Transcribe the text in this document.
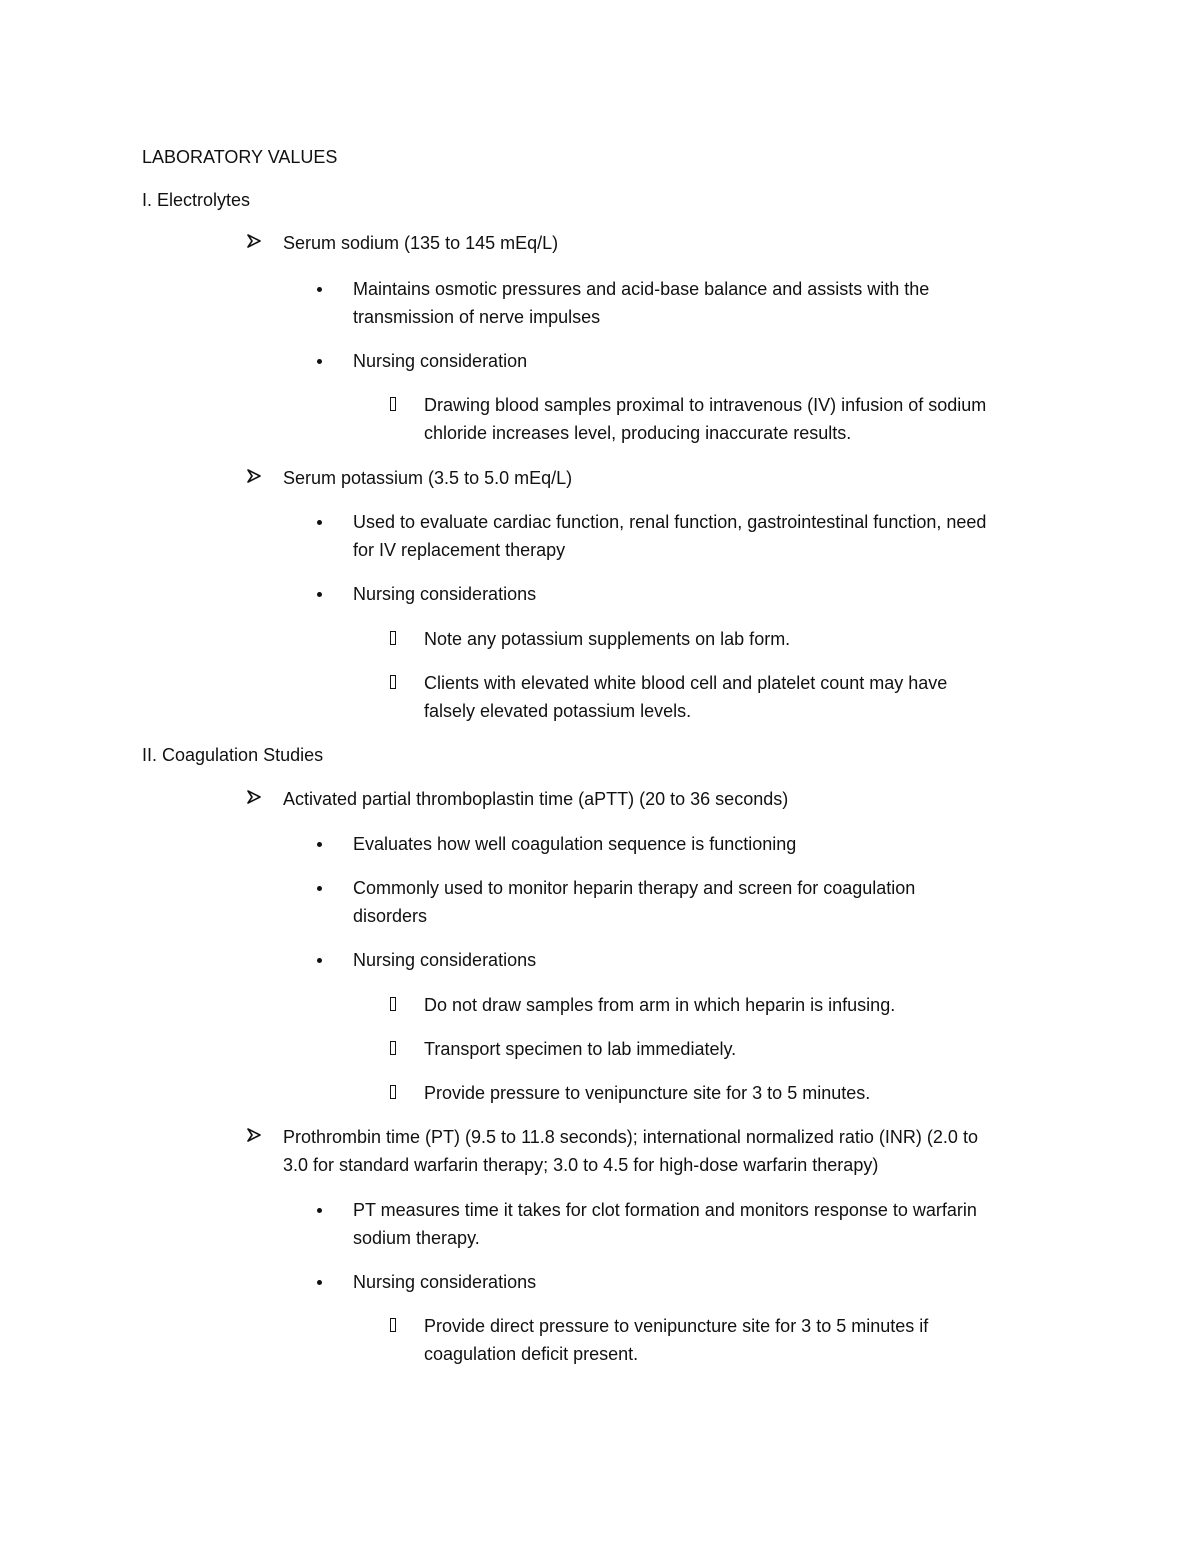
LABORATORY VALUES
I. Electrolytes
Serum sodium (135 to 145 mEq/L)
Maintains osmotic pressures and acid-base balance and assists with the
transmission of nerve impulses
Nursing consideration
Drawing blood samples proximal to intravenous (IV) infusion of sodium
chloride increases level, producing inaccurate results.
Serum potassium (3.5 to 5.0 mEq/L)
Used to evaluate cardiac function, renal function, gastrointestinal function, need
for IV replacement therapy
Nursing considerations
Note any potassium supplements on lab form.
Clients with elevated white blood cell and platelet count may have
falsely elevated potassium levels.
II. Coagulation Studies
Activated partial thromboplastin time (aPTT) (20 to 36 seconds)
Evaluates how well coagulation sequence is functioning
Commonly used to monitor heparin therapy and screen for coagulation
disorders
Nursing considerations
Do not draw samples from arm in which heparin is infusing.
Transport specimen to lab immediately.
Provide pressure to venipuncture site for 3 to 5 minutes.
Prothrombin time (PT) (9.5 to 11.8 seconds); international normalized ratio (INR) (2.0 to
3.0 for standard warfarin therapy; 3.0 to 4.5 for high-dose warfarin therapy)
PT measures time it takes for clot formation and monitors response to warfarin
sodium therapy.
Nursing considerations
Provide direct pressure to venipuncture site for 3 to 5 minutes if
coagulation deficit present.
